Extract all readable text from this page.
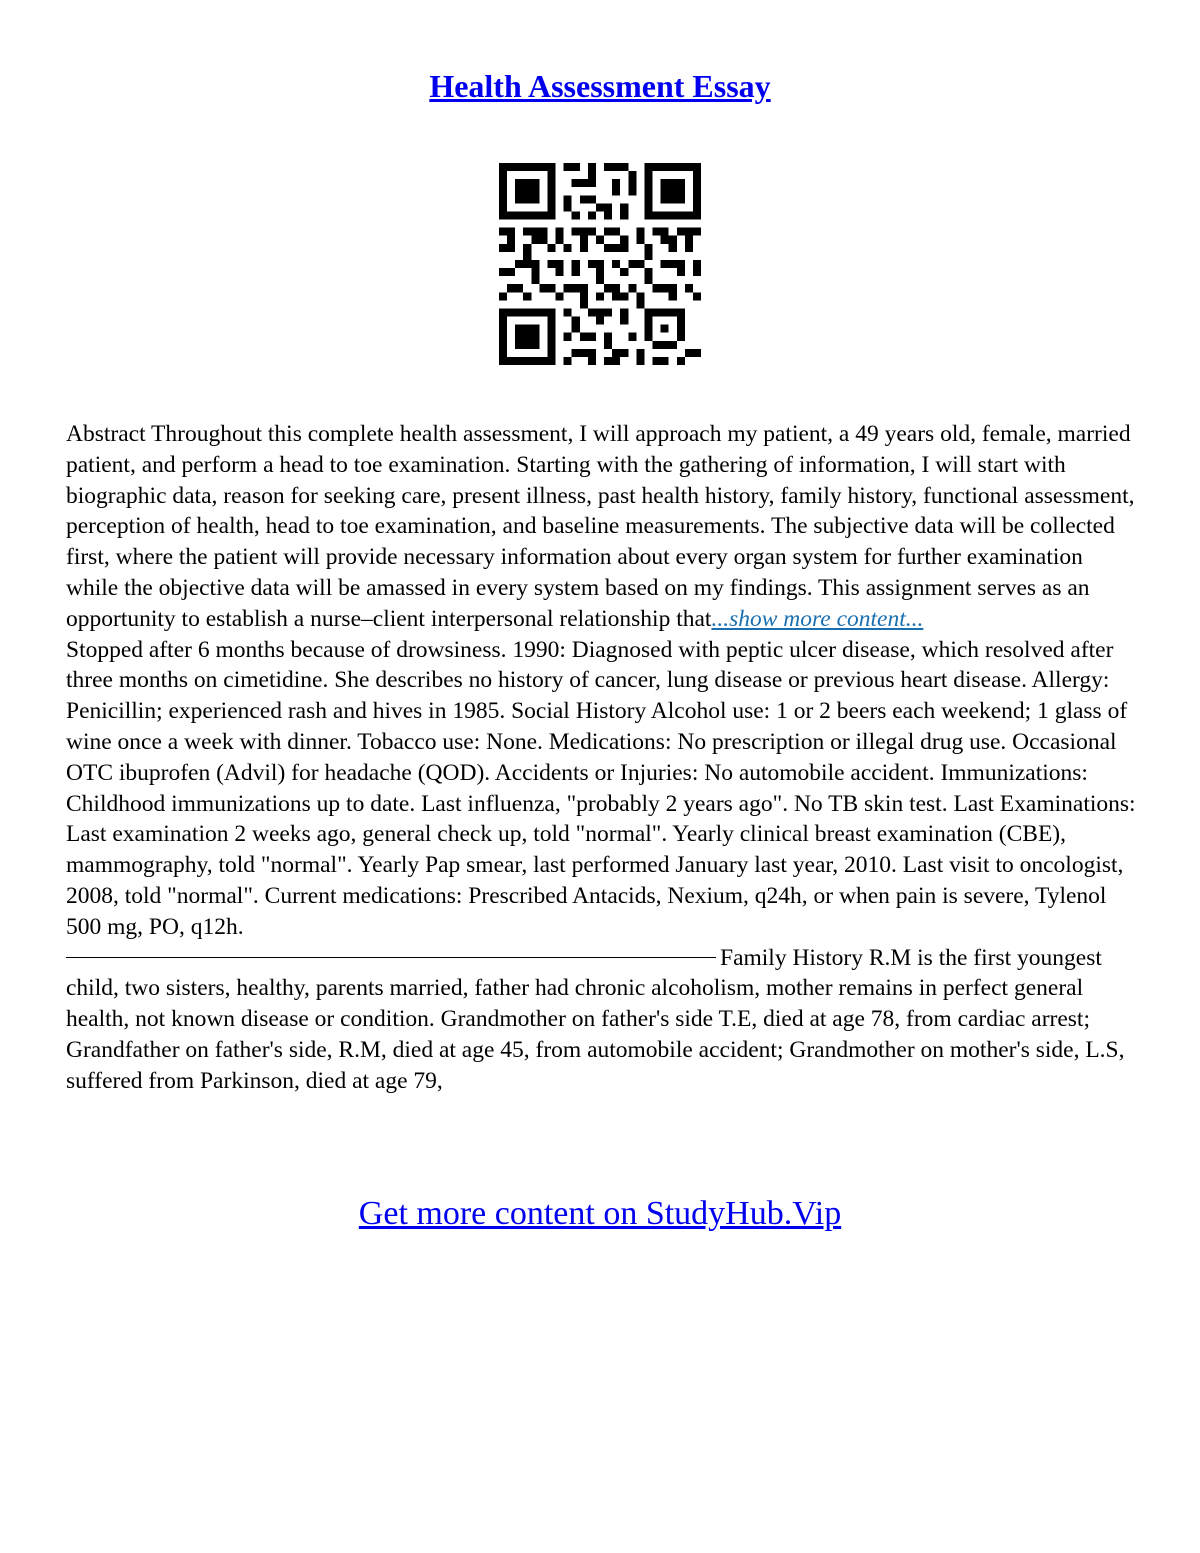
Health Assessment Essay

Abstract Throughout this complete health assessment, I will approach my patient, a 49 years old, female, married patient, and perform a head to toe examination. Starting with the gathering of information, I will start with biographic data, reason for seeking care, present illness, past health history, family history, functional assessment, perception of health, head to toe examination, and baseline measurements. The subjective data will be collected first, where the patient will provide necessary information about every organ system for further examination while the objective data will be amassed in every system based on my findings. This assignment serves as an opportunity to establish a nurse–client interpersonal relationship that...show more content...

Stopped after 6 months because of drowsiness. 1990: Diagnosed with peptic ulcer disease, which resolved after three months on cimetidine. She describes no history of cancer, lung disease or previous heart disease. Allergy: Penicillin; experienced rash and hives in 1985. Social History Alcohol use: 1 or 2 beers each weekend; 1 glass of wine once a week with dinner. Tobacco use: None. Medications: No prescription or illegal drug use. Occasional OTC ibuprofen (Advil) for headache (QOD). Accidents or Injuries: No automobile accident. Immunizations: Childhood immunizations up to date. Last influenza, "probably 2 years ago". No TB skin test. Last Examinations: Last examination 2 weeks ago, general check up, told "normal". Yearly clinical breast examination (CBE), mammography, told "normal". Yearly Pap smear, last performed January last year, 2010. Last visit to oncologist, 2008, told "normal". Current medications: Prescribed Antacids, Nexium, q24h, or when pain is severe, Tylenol 500 mg, PO, q12h.

Family History R.M is the first youngest child, two sisters, healthy, parents married, father had chronic alcoholism, mother remains in perfect general health, not known disease or condition. Grandmother on father's side T.E, died at age 78, from cardiac arrest; Grandfather on father's side, R.M, died at age 45, from automobile accident; Grandmother on mother's side, L.S, suffered from Parkinson, died at age 79,

Get more content on StudyHub.Vip
